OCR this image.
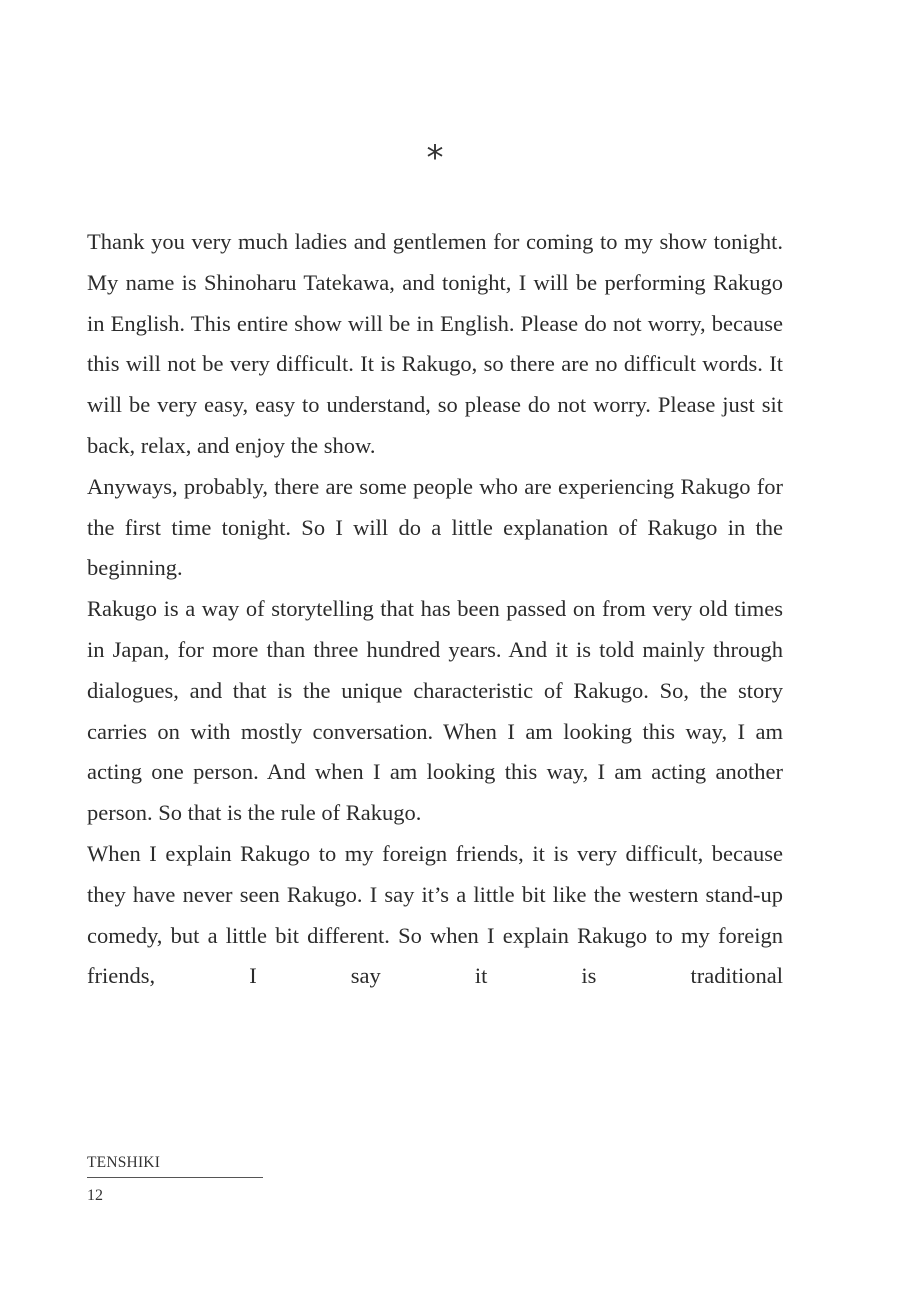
*

Thank you very much ladies and gentlemen for coming to my show tonight. My name is Shinoharu Tatekawa, and tonight, I will be performing Rakugo in English. This entire show will be in English. Please do not worry, because this will not be very difficult. It is Rakugo, so there are no difficult words. It will be very easy, easy to understand, so please do not worry. Please just sit back, relax, and enjoy the show.

Anyways, probably, there are some people who are experiencing Rakugo for the first time tonight. So I will do a little explanation of Rakugo in the beginning.

Rakugo is a way of storytelling that has been passed on from very old times in Japan, for more than three hundred years. And it is told mainly through dialogues, and that is the unique characteristic of Rakugo. So, the story carries on with mostly conversation. When I am looking this way, I am acting one person. And when I am looking this way, I am acting another person. So that is the rule of Rakugo.

When I explain Rakugo to my foreign friends, it is very difficult, because they have never seen Rakugo. I say it’s a little bit like the western stand-up comedy, but a little bit different. So when I explain Rakugo to my foreign friends, I say it is traditional

TENSHIKI
12
